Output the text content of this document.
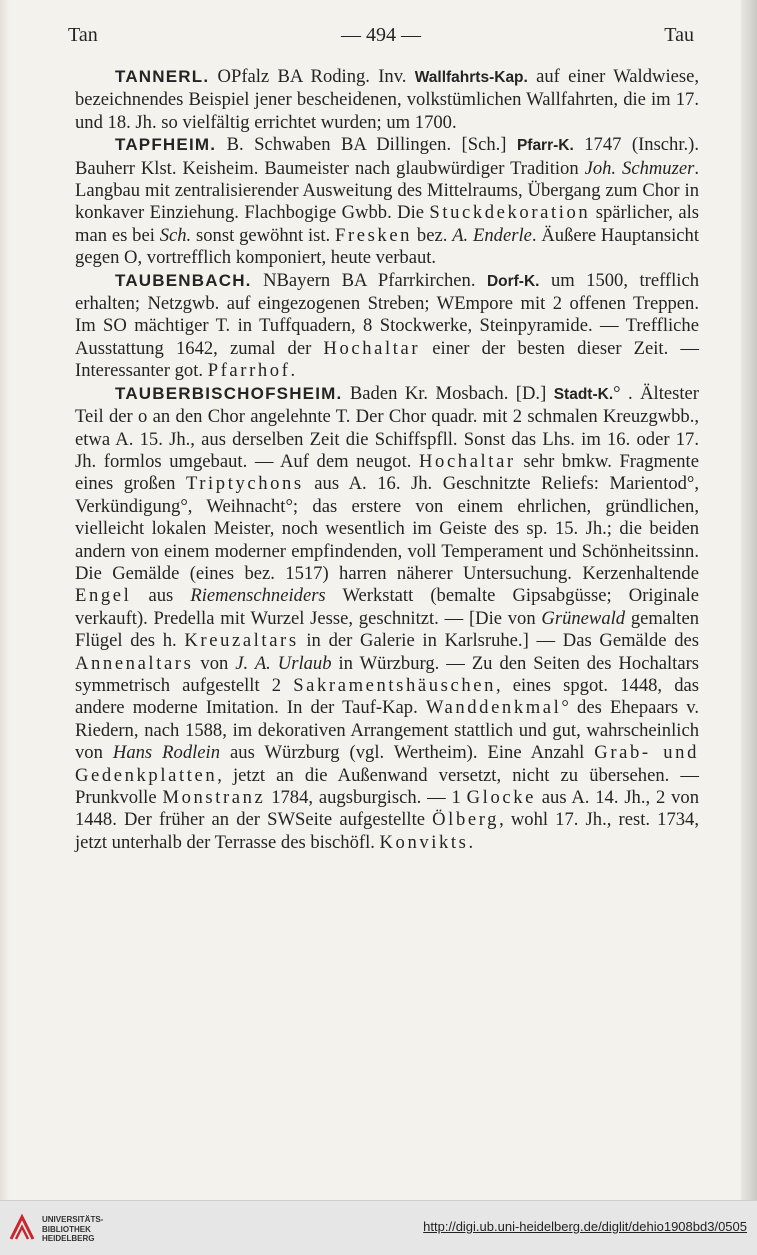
Tan	— 494 —	Tau

TANNERL. OPfalz BA Roding. Inv. Wallfahrts-Kap. auf einer Waldwiese, bezeichnendes Beispiel jener bescheidenen, volkstümlichen Wallfahrten, die im 17. und 18. Jh. so vielfältig errichtet wurden; um 1700.

TAPFHEIM. B. Schwaben BA Dillingen. [Sch.] Pfarr-K. 1747 (Inschr.). Bauherr Klst. Keisheim. Baumeister nach glaubwürdiger Tradition Joh. Schmuzer. Langbau mit zentralisierender Ausweitung des Mittelraums, Übergang zum Chor in konkaver Einziehung. Flachbogige Gwbb. Die Stuckdekoration spärlicher, als man es bei Sch. sonst gewöhnt ist. Fresken bez. A. Enderle. Äußere Hauptansicht gegen O, vortrefflich komponiert, heute verbaut.

TAUBENBACH. NBayern BA Pfarrkirchen. Dorf-K. um 1500, trefflich erhalten; Netzgwb. auf eingezogenen Streben; WEmpore mit 2 offenen Treppen. Im SO mächtiger T. in Tuffquadern, 8 Stockwerke, Steinpyramide. — Treffliche Ausstattung 1642, zumal der Hochaltar einer der besten dieser Zeit. — Interessanter got. Pfarrhof.

TAUBERBISCHOFSHEIM. Baden Kr. Mosbach. [D.] Stadt-K.° . Ältester Teil der o an den Chor angelehnte T. Der Chor quadr. mit 2 schmalen Kreuzgwbb., etwa A. 15. Jh., aus derselben Zeit die Schiffspfll. Sonst das Lhs. im 16. oder 17. Jh. formlos umgebaut. — Auf dem neugot. Hochaltar sehr bmkw. Fragmente eines großen Triptychons aus A. 16. Jh. Geschnitzte Reliefs: Marientod°, Verkündigung°, Weihnacht°; das erstere von einem ehrlichen, gründlichen, vielleicht lokalen Meister, noch wesentlich im Geiste des sp. 15. Jh.; die beiden andern von einem moderner empfindenden, voll Temperament und Schönheitssinn. Die Gemälde (eines bez. 1517) harren näherer Untersuchung. Kerzenhaltende Engel aus Riemenschneiders Werkstatt (bemalte Gipsabgüsse; Originale verkauft). Predella mit Wurzel Jesse, geschnitzt. — [Die von Grünewald gemalten Flügel des h. Kreuzaltars in der Galerie in Karlsruhe.] — Das Gemälde des Annenaltars von J. A. Urlaub in Würzburg. — Zu den Seiten des Hochaltars symmetrisch aufgestellt 2 Sakramentshäuschen, eines spgot. 1448, das andere moderne Imitation. In der Tauf-Kap. Wanddenkmal° des Ehepaars v. Riedern, nach 1588, im dekorativen Arrangement stattlich und gut, wahrscheinlich von Hans Rodlein aus Würzburg (vgl. Wertheim). Eine Anzahl Grab- und Gedenkplatten, jetzt an die Außenwand versetzt, nicht zu übersehen. — Prunkvolle Monstranz 1784, augsburgisch. — 1 Glocke aus A. 14. Jh., 2 von 1448. Der früher an der SWSeite aufgestellte Ölberg, wohl 17. Jh., rest. 1734, jetzt unterhalb der Terrasse des bischöfl. Konvikts.

UNIVERSITÄTS-
BIBLIOTHEK
HEIDELBERG
http://digi.ub.uni-heidelberg.de/diglit/dehio1908bd3/0505
